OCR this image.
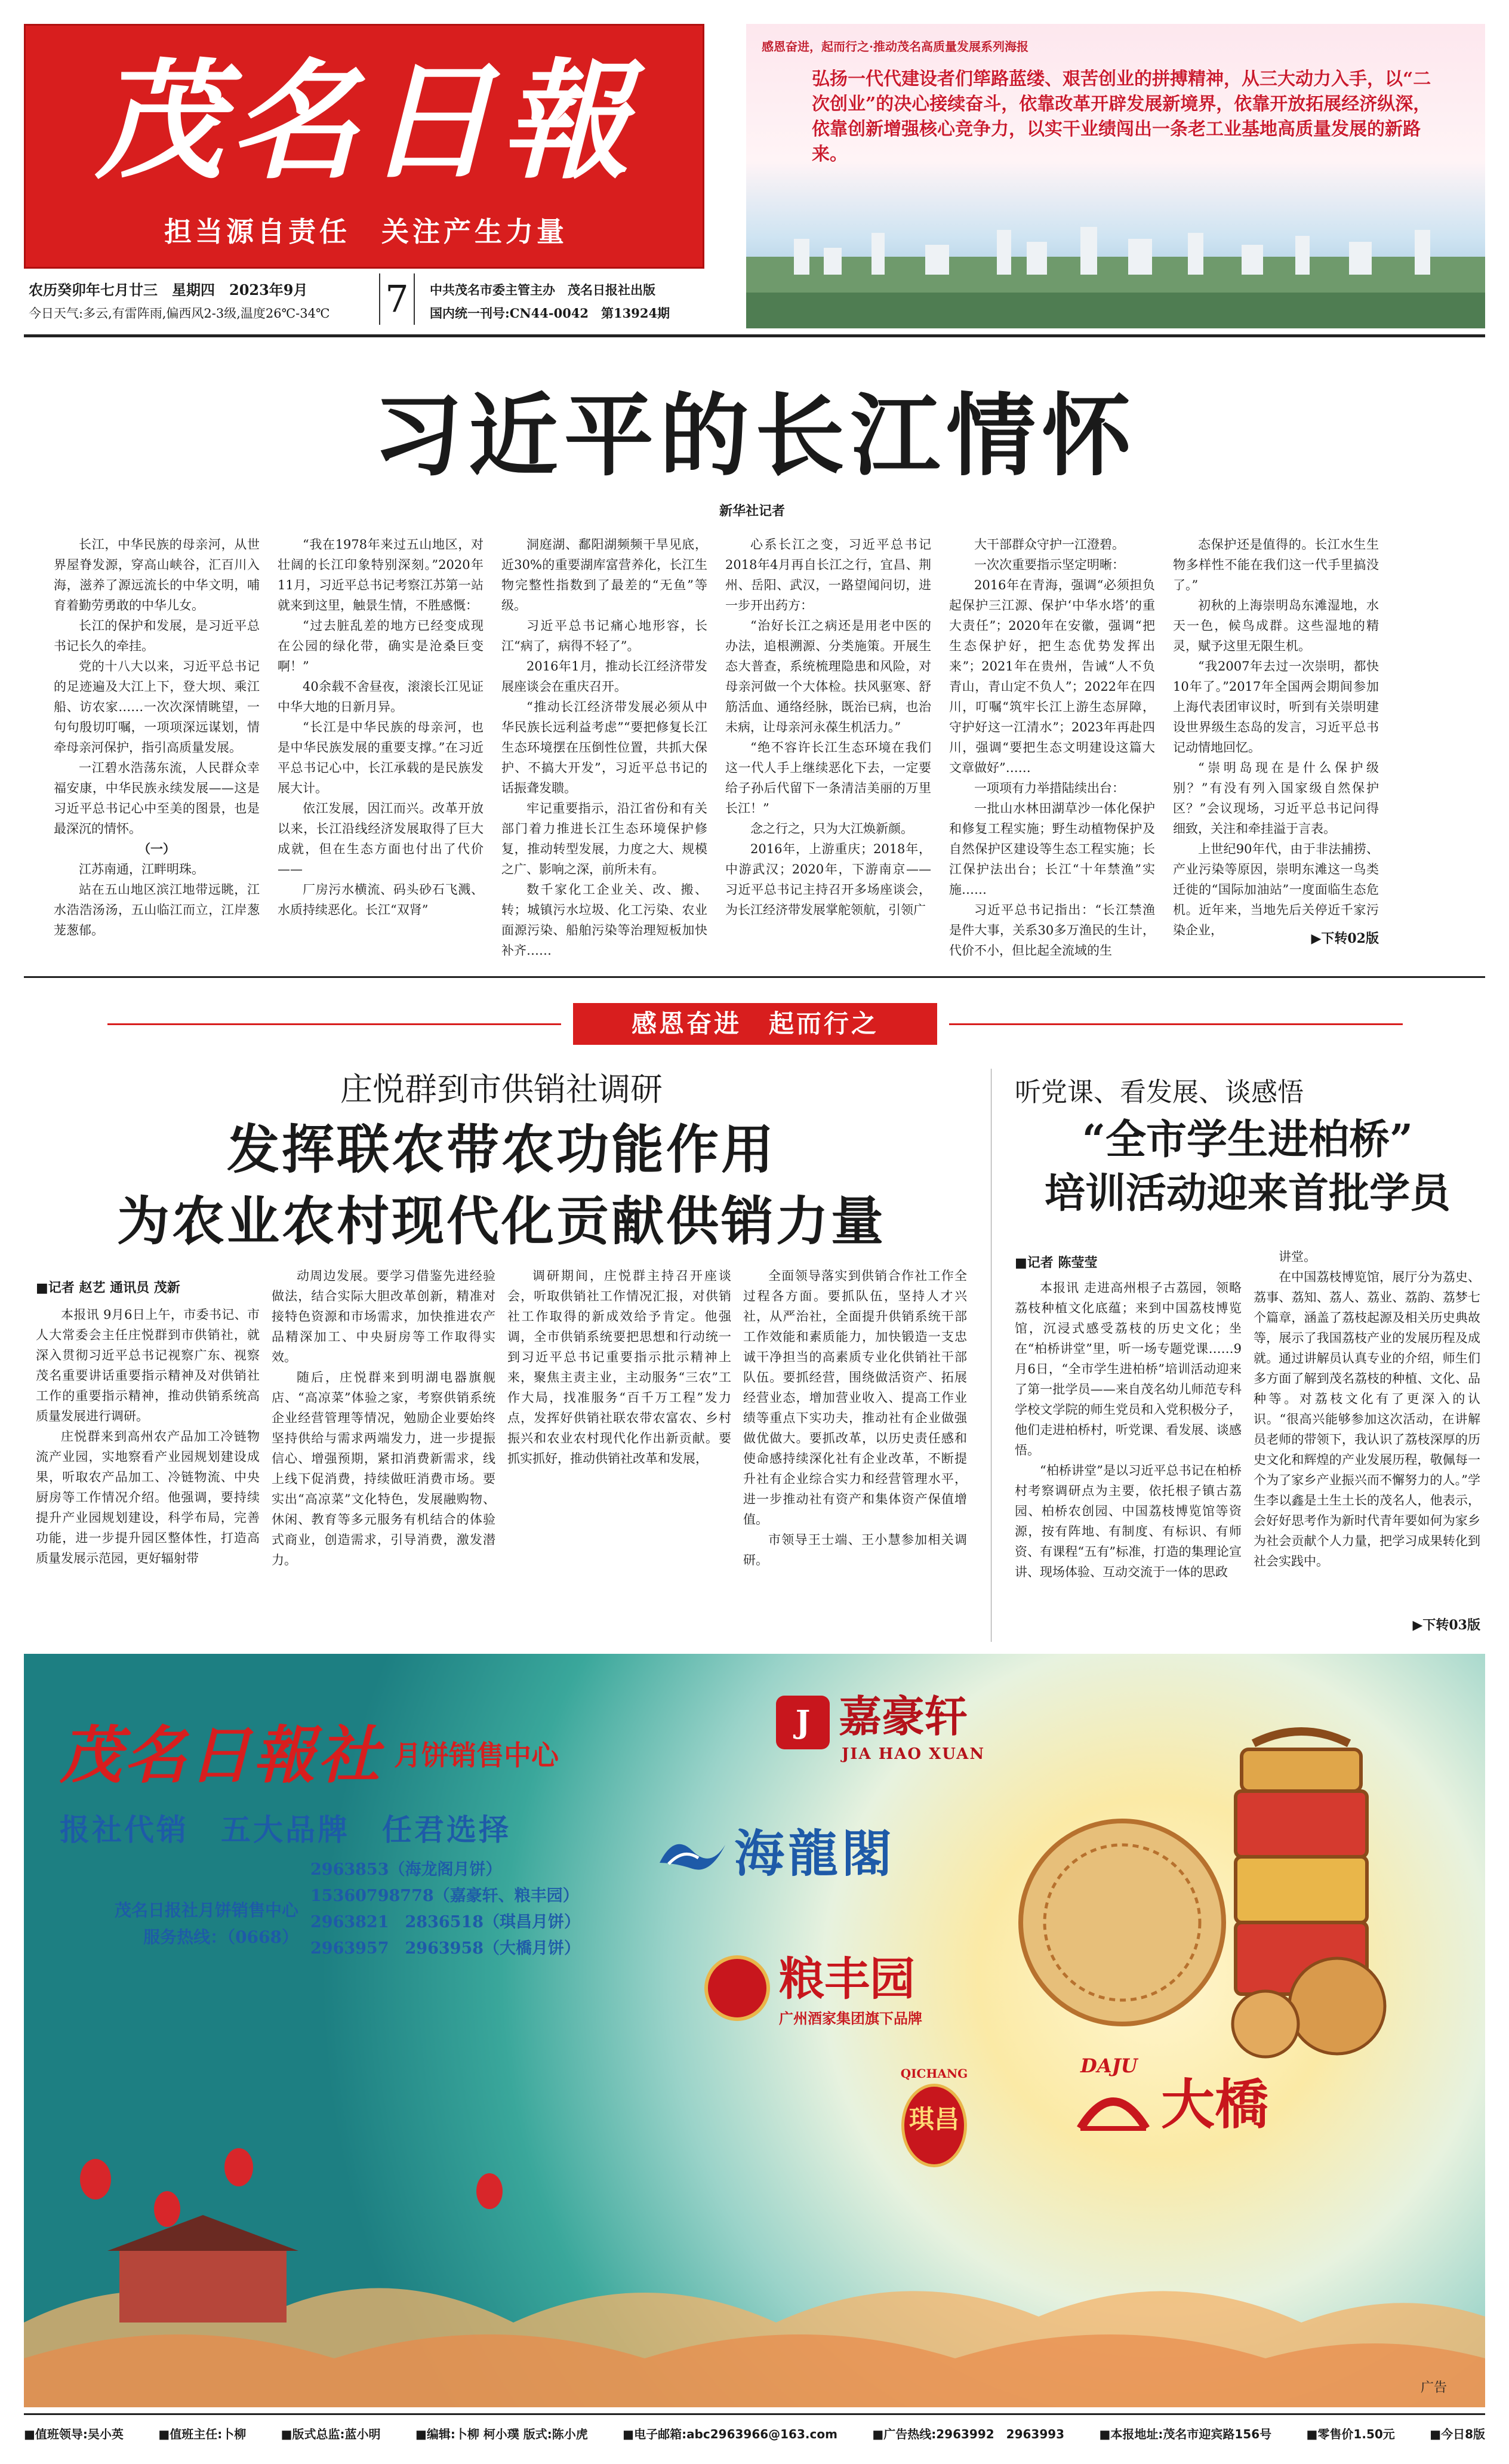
茂名日報
担当源自责任　关注产生力量
农历癸卯年七月廿三　星期四　2023年9月
今日天气:多云,有雷阵雨,偏西风2-3级,温度26℃-34℃	7	中共茂名市委主管主办　茂名日报社出版
国内统一刊号:CN44-0042　第13924期
感恩奋进，起而行之·推动茂名高质量发展系列海报
弘扬一代代建设者们筚路蓝缕、艰苦创业的拼搏精神，从三大动力入手，以“二次创业”的决心接续奋斗，依靠改革开辟发展新境界，依靠开放拓展经济纵深，依靠创新增强核心竞争力，以实干业绩闯出一条老工业基地高质量发展的新路来。
习近平的长江情怀
新华社记者

长江，中华民族的母亲河，从世界屋脊发源，穿高山峡谷，汇百川入海，滋养了源远流长的中华文明，哺育着勤劳勇敢的中华儿女。

长江的保护和发展，是习近平总书记长久的牵挂。

党的十八大以来，习近平总书记的足迹遍及大江上下，登大坝、乘江船、访农家……一次次深情眺望，一句句殷切叮嘱，一项项深远谋划，情牵母亲河保护，指引高质量发展。

一江碧水浩荡东流，人民群众幸福安康，中华民族永续发展——这是习近平总书记心中至美的图景，也是最深沉的情怀。

（一）

江苏南通，江畔明珠。

站在五山地区滨江地带远眺，江水浩浩汤汤，五山临江而立，江岸葱茏葱郁。

“我在1978年来过五山地区，对壮阔的长江印象特别深刻。”2020年11月，习近平总书记考察江苏第一站就来到这里，触景生情，不胜感慨：

“过去脏乱差的地方已经变成现在公园的绿化带，确实是沧桑巨变啊！”

40余载不舍昼夜，滚滚长江见证中华大地的日新月异。

“长江是中华民族的母亲河，也是中华民族发展的重要支撑。”在习近平总书记心中，长江承载的是民族发展大计。

依江发展，因江而兴。改革开放以来，长江沿线经济发展取得了巨大成就，但在生态方面也付出了代价——

厂房污水横流、码头砂石飞溅、水质持续恶化。长江“双肾”

洞庭湖、鄱阳湖频频干旱见底，近30%的重要湖库富营养化，长江生物完整性指数到了最差的“无鱼”等级。

习近平总书记痛心地形容，长江“病了，病得不轻了”。

2016年1月，推动长江经济带发展座谈会在重庆召开。

“推动长江经济带发展必须从中华民族长远利益考虑”“要把修复长江生态环境摆在压倒性位置，共抓大保护、不搞大开发”，习近平总书记的话振聋发聩。

牢记重要指示，沿江省份和有关部门着力推进长江生态环境保护修复，推动转型发展，力度之大、规模之广、影响之深，前所未有。

数千家化工企业关、改、搬、转；城镇污水垃圾、化工污染、农业面源污染、船舶污染等治理短板加快补齐……

心系长江之变，习近平总书记2018年4月再自长江之行，宜昌、荆州、岳阳、武汉，一路望闻问切，进一步开出药方：

“治好长江之病还是用老中医的办法，追根溯源、分类施策。开展生态大普查，系统梳理隐患和风险，对母亲河做一个大体检。扶风驱寒、舒筋活血、通络经脉，既治已病，也治未病，让母亲河永葆生机活力。”

“绝不容许长江生态环境在我们这一代人手上继续恶化下去，一定要给子孙后代留下一条清洁美丽的万里长江！”

念之行之，只为大江焕新颜。

2016年，上游重庆；2018年，中游武汉；2020年，下游南京——习近平总书记主持召开多场座谈会，为长江经济带发展掌舵领航，引领广

大干部群众守护一江澄碧。

一次次重要指示坚定明晰：

2016年在青海，强调“必须担负起保护三江源、保护‘中华水塔’的重大责任”；2020年在安徽，强调“把生态保护好，把生态优势发挥出来”；2021年在贵州，告诫“人不负青山，青山定不负人”；2022年在四川，叮嘱“筑牢长江上游生态屏障，守护好这一江清水”；2023年再赴四川，强调“要把生态文明建设这篇大文章做好”……

一项项有力举措陆续出台：

一批山水林田湖草沙一体化保护和修复工程实施；野生动植物保护及自然保护区建设等生态工程实施；长江保护法出台；长江“十年禁渔”实施……

习近平总书记指出：“长江禁渔是件大事，关系30多万渔民的生计，代价不小，但比起全流域的生

态保护还是值得的。长江水生生物多样性不能在我们这一代手里搞没了。”

初秋的上海崇明岛东滩湿地，水天一色，候鸟成群。这些湿地的精灵，赋予这里无限生机。

“我2007年去过一次崇明，都快10年了。”2017年全国两会期间参加上海代表团审议时，听到有关崇明建设世界级生态岛的发言，习近平总书记动情地回忆。

“崇明岛现在是什么保护级别？”有没有列入国家级自然保护区？”会议现场，习近平总书记问得细致，关注和牵挂溢于言表。

上世纪90年代，由于非法捕捞、产业污染等原因，崇明东滩这一鸟类迁徙的“国际加油站”一度面临生态危机。近年来，当地先后关停近千家污染企业，

▶下转02版
感恩奋进　起而行之
庄悦群到市供销社调研
发挥联农带农功能作用
为农业农村现代化贡献供销力量
■记者 赵艺 通讯员 茂新

本报讯 9月6日上午，市委书记、市人大常委会主任庄悦群到市供销社，就深入贯彻习近平总书记视察广东、视察茂名重要讲话重要指示精神及对供销社工作的重要指示精神，推动供销系统高质量发展进行调研。

庄悦群来到高州农产品加工冷链物流产业园，实地察看产业园规划建设成果，听取农产品加工、冷链物流、中央厨房等工作情况介绍。他强调，要持续提升产业园规划建设，科学布局，完善功能，进一步提升园区整体性，打造高质量发展示范园，更好辐射带

动周边发展。要学习借鉴先进经验做法，结合实际大胆改革创新，精准对接特色资源和市场需求，加快推进农产品精深加工、中央厨房等工作取得实效。

随后，庄悦群来到明湖电器旗舰店、“高凉菜”体验之家，考察供销系统企业经营管理等情况，勉励企业要始终坚持供给与需求两端发力，进一步提振信心、增强预期，紧扣消费新需求，线上线下促消费，持续做旺消费市场。要实出“高凉菜”文化特色，发展融购物、休闲、教育等多元服务有机结合的体验式商业，创造需求，引导消费，激发潜力。

调研期间，庄悦群主持召开座谈会，听取供销社工作情况汇报，对供销社工作取得的新成效给予肯定。他强调，全市供销系统要把思想和行动统一到习近平总书记重要指示批示精神上来，聚焦主责主业，主动服务“三农”工作大局，找准服务“百千万工程”发力点，发挥好供销社联农带农富农、乡村振兴和农业农村现代化作出新贡献。要抓实抓好，推动供销社改革和发展，

全面领导落实到供销合作社工作全过程各方面。要抓队伍，坚持人才兴社，从严治社，全面提升供销系统干部工作效能和素质能力，加快锻造一支忠诚干净担当的高素质专业化供销社干部队伍。要抓经营，围绕做活资产、拓展经营业态，增加营业收入、提高工作业绩等重点下实功夫，推动社有企业做强做优做大。要抓改革，以历史责任感和使命感持续深化社有企业改革，不断提升社有企业综合实力和经营管理水平，进一步推动社有资产和集体资产保值增值。

市领导王士端、王小慧参加相关调研。

听党课、看发展、谈感悟
“全市学生进柏桥”
培训活动迎来首批学员
■记者 陈莹莹

本报讯 走进高州根子古荔园，领略荔枝种植文化底蕴；来到中国荔枝博览馆，沉浸式感受荔枝的历史文化；坐在“柏桥讲堂”里，听一场专题党课……9月6日，“全市学生进柏桥”培训活动迎来了第一批学员——来自茂名幼儿师范专科学校文学院的师生党员和入党积极分子，他们走进柏桥村，听党课、看发展、谈感悟。

“柏桥讲堂”是以习近平总书记在柏桥村考察调研点为主要，依托根子镇古荔园、柏桥农创园、中国荔枝博览馆等资源，按有阵地、有制度、有标识、有师资、有课程“五有”标准，打造的集理论宣讲、现场体验、互动交流于一体的思政

讲堂。

在中国荔枝博览馆，展厅分为荔史、荔事、荔知、荔人、荔业、荔韵、荔梦七个篇章，涵盖了荔枝起源及相关历史典故等，展示了我国荔枝产业的发展历程及成就。通过讲解员认真专业的介绍，师生们多方面了解到茂名荔枝的种植、文化、品种等。对荔枝文化有了更深入的认识。“很高兴能够参加这次活动，在讲解员老师的带领下，我认识了荔枝深厚的历史文化和辉煌的产业发展历程，敬佩每一个为了家乡产业振兴而不懈努力的人。”学生李以鑫是土生土长的茂名人，他表示，会好好思考作为新时代青年要如何为家乡为社会贡献个人力量，把学习成果转化到社会实践中。

▶下转03版
茂名日報社 月饼销售中心
报社代销　五大品牌　任君选择
茂名日报社月饼销售中心
服务热线：（0668）
2963853（海龙阁月饼）
15360798778（嘉豪轩、粮丰园）
2963821　2836518（琪昌月饼）
2963957　2963958（大橋月饼）
J 嘉豪轩
JIA HAO XUAN
海龍閣
粮丰园
广州酒家集团旗下品牌
QICHANG
琪昌
DAJU
大橋
广告
■值班领导:吴小英	■值班主任:卜柳	■版式总监:蓝小明	■编辑:卜柳 柯小璞 版式:陈小虎	■电子邮箱:abc2963966@163.com	■广告热线:2963992　2963993	■本报地址:茂名市迎宾路156号	■零售价1.50元	■今日8版
